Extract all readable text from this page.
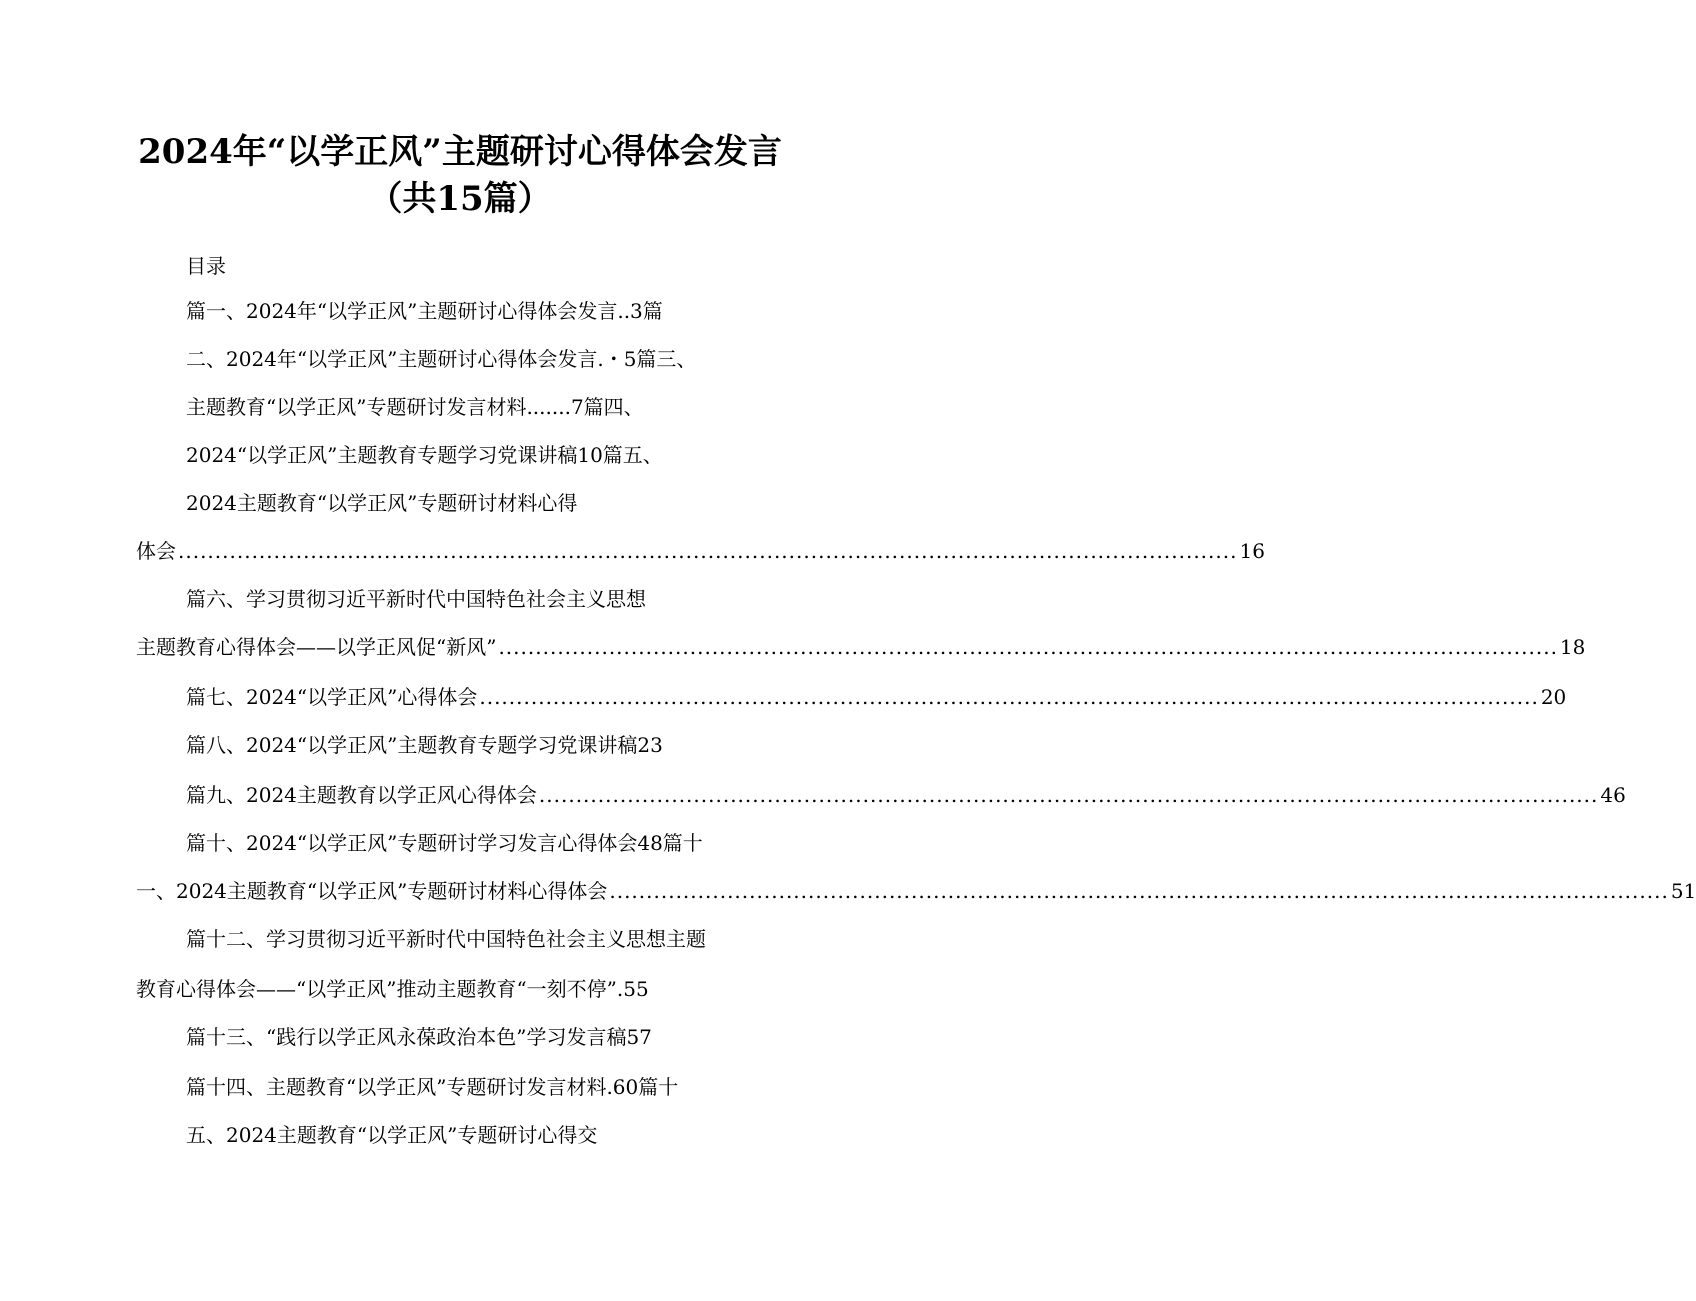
2024年“以学正风”主题研讨心得体会发言
（共15篇）
目录
篇一、2024年“以学正风”主题研讨心得体会发言..3篇
二、2024年“以学正风”主题研讨心得体会发言.・5篇三、
主题教育“以学正风”专题研讨发言材料.......7篇四、
2024“以学正风”主题教育专题学习党课讲稿10篇五、
2024主题教育“以学正风”专题研讨材料心得
体会 ................................................................................................................................................ 16
篇六、学习贯彻习近平新时代中国特色社会主义思想
主题教育心得体会——以学正风促“新风” ................................................................................................................................................ 18
篇七、2024“以学正风”心得体会 ................................................................................................................................................ 20
篇八、2024“以学正风”主题教育专题学习党课讲稿23
篇九、2024主题教育以学正风心得体会 ................................................................................................................................................ 46
篇十、2024“以学正风”专题研讨学习发言心得体会48篇十
一、2024主题教育“以学正风”专题研讨材料心得体会 ................................................................................................................................................ 51
篇十二、学习贯彻习近平新时代中国特色社会主义思想主题
教育心得体会——“以学正风”推动主题教育“一刻不停”.55
篇十三、“践行以学正风永葆政治本色”学习发言稿57
篇十四、主题教育“以学正风”专题研讨发言材料.60篇十
五、2024主题教育“以学正风”专题研讨心得交
